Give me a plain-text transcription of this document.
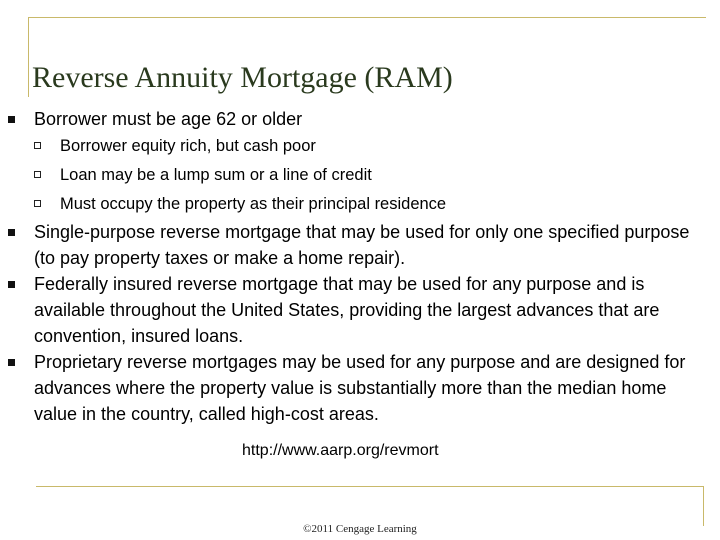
Reverse Annuity Mortgage (RAM)
Borrower must be age 62 or older
Borrower equity rich, but cash poor
Loan may be a lump sum or a line of credit
Must occupy the property as their principal residence
Single-purpose reverse mortgage that may be used for only one specified purpose (to pay property taxes or make a home repair).
Federally insured reverse mortgage that may be used for any purpose and is available throughout the United States, providing the largest advances that are convention, insured loans.
Proprietary reverse mortgages may be used for any purpose and are designed for advances where the property value is substantially more than the median home value in the country, called high-cost areas.
http://www.aarp.org/revmort
©2011 Cengage Learning
